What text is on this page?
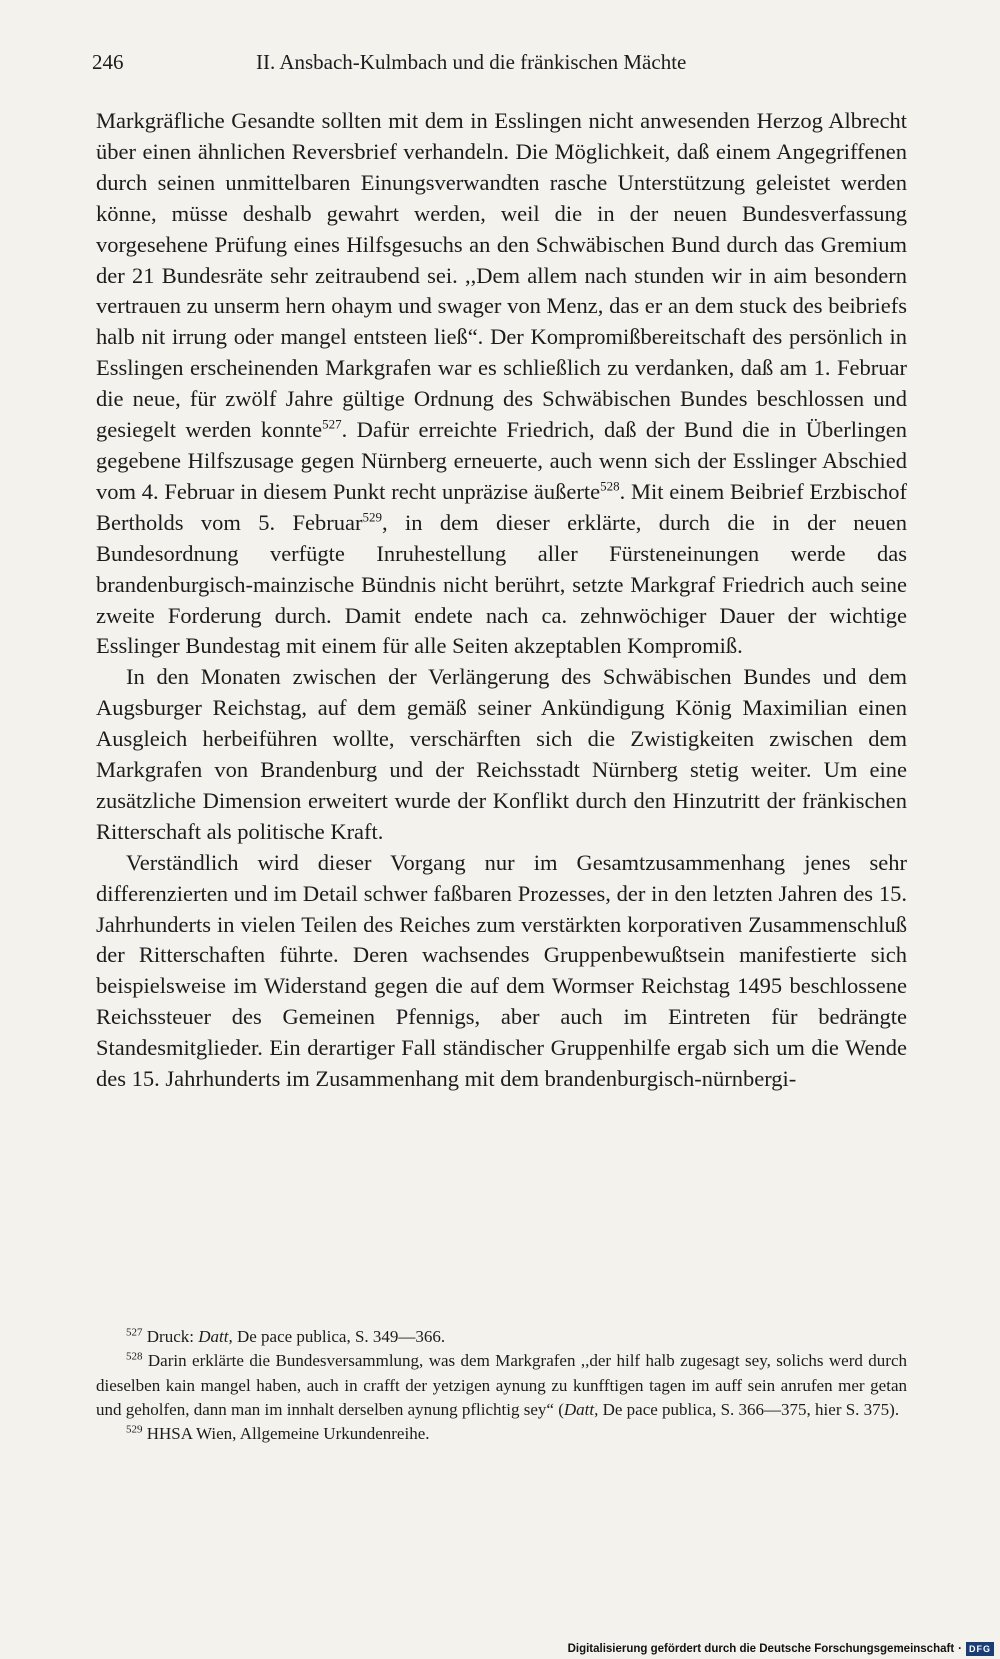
246	II. Ansbach-Kulmbach und die fränkischen Mächte

Markgräfliche Gesandte sollten mit dem in Esslingen nicht anwesenden Herzog Albrecht über einen ähnlichen Reversbrief verhandeln. Die Möglichkeit, daß einem Angegriffenen durch seinen unmittelbaren Einungsverwandten rasche Unterstützung geleistet werden könne, müsse deshalb gewahrt werden, weil die in der neuen Bundesverfassung vorgesehene Prüfung eines Hilfsgesuchs an den Schwäbischen Bund durch das Gremium der 21 Bundesräte sehr zeitraubend sei. ,,Dem allem nach stunden wir in aim besondern vertrauen zu unserm hern ohaym und swager von Menz, das er an dem stuck des beibriefs halb nit irrung oder mangel entsteen ließ“. Der Kompromißbereitschaft des persönlich in Esslingen erscheinenden Markgrafen war es schließlich zu verdanken, daß am 1. Februar die neue, für zwölf Jahre gültige Ordnung des Schwäbischen Bundes beschlossen und gesiegelt werden konnte$^{527}$. Dafür erreichte Friedrich, daß der Bund die in Überlingen gegebene Hilfszusage gegen Nürnberg erneuerte, auch wenn sich der Esslinger Abschied vom 4. Februar in diesem Punkt recht unpräzise äußerte$^{528}$. Mit einem Beibrief Erzbischof Bertholds vom 5. Februar$^{529}$, in dem dieser erklärte, durch die in der neuen Bundesordnung verfügte Inruhestellung aller Fürsteneinungen werde das brandenburgisch-mainzische Bündnis nicht berührt, setzte Markgraf Friedrich auch seine zweite Forderung durch. Damit endete nach ca. zehnwöchiger Dauer der wichtige Esslinger Bundestag mit einem für alle Seiten akzeptablen Kompromiß.

In den Monaten zwischen der Verlängerung des Schwäbischen Bundes und dem Augsburger Reichstag, auf dem gemäß seiner Ankündigung König Maximilian einen Ausgleich herbeiführen wollte, verschärften sich die Zwistigkeiten zwischen dem Markgrafen von Brandenburg und der Reichsstadt Nürnberg stetig weiter. Um eine zusätzliche Dimension erweitert wurde der Konflikt durch den Hinzutritt der fränkischen Ritterschaft als politische Kraft.

Verständlich wird dieser Vorgang nur im Gesamtzusammenhang jenes sehr differenzierten und im Detail schwer faßbaren Prozesses, der in den letzten Jahren des 15. Jahrhunderts in vielen Teilen des Reiches zum verstärkten korporativen Zusammenschluß der Ritterschaften führte. Deren wachsendes Gruppenbewußtsein manifestierte sich beispielsweise im Widerstand gegen die auf dem Wormser Reichstag 1495 beschlossene Reichssteuer des Gemeinen Pfennigs, aber auch im Eintreten für bedrängte Standesmitglieder. Ein derartiger Fall ständischer Gruppenhilfe ergab sich um die Wende des 15. Jahrhunderts im Zusammenhang mit dem brandenburgisch-nürnbergi-

$^{527}$ Druck: Datt, De pace publica, S. 349—366.

$^{528}$ Darin erklärte die Bundesversammlung, was dem Markgrafen ,,der hilf halb zugesagt sey, solichs werd durch dieselben kain mangel haben, auch in crafft der yetzigen aynung zu kunfftigen tagen im auff sein anrufen mer getan und geholfen, dann man im innhalt derselben aynung pflichtig sey“ (Datt, De pace publica, S. 366—375, hier S. 375).

$^{529}$ HHSA Wien, Allgemeine Urkundenreihe.

Digitalisierung gefördert durch die Deutsche Forschungsgemeinschaft · DFG
